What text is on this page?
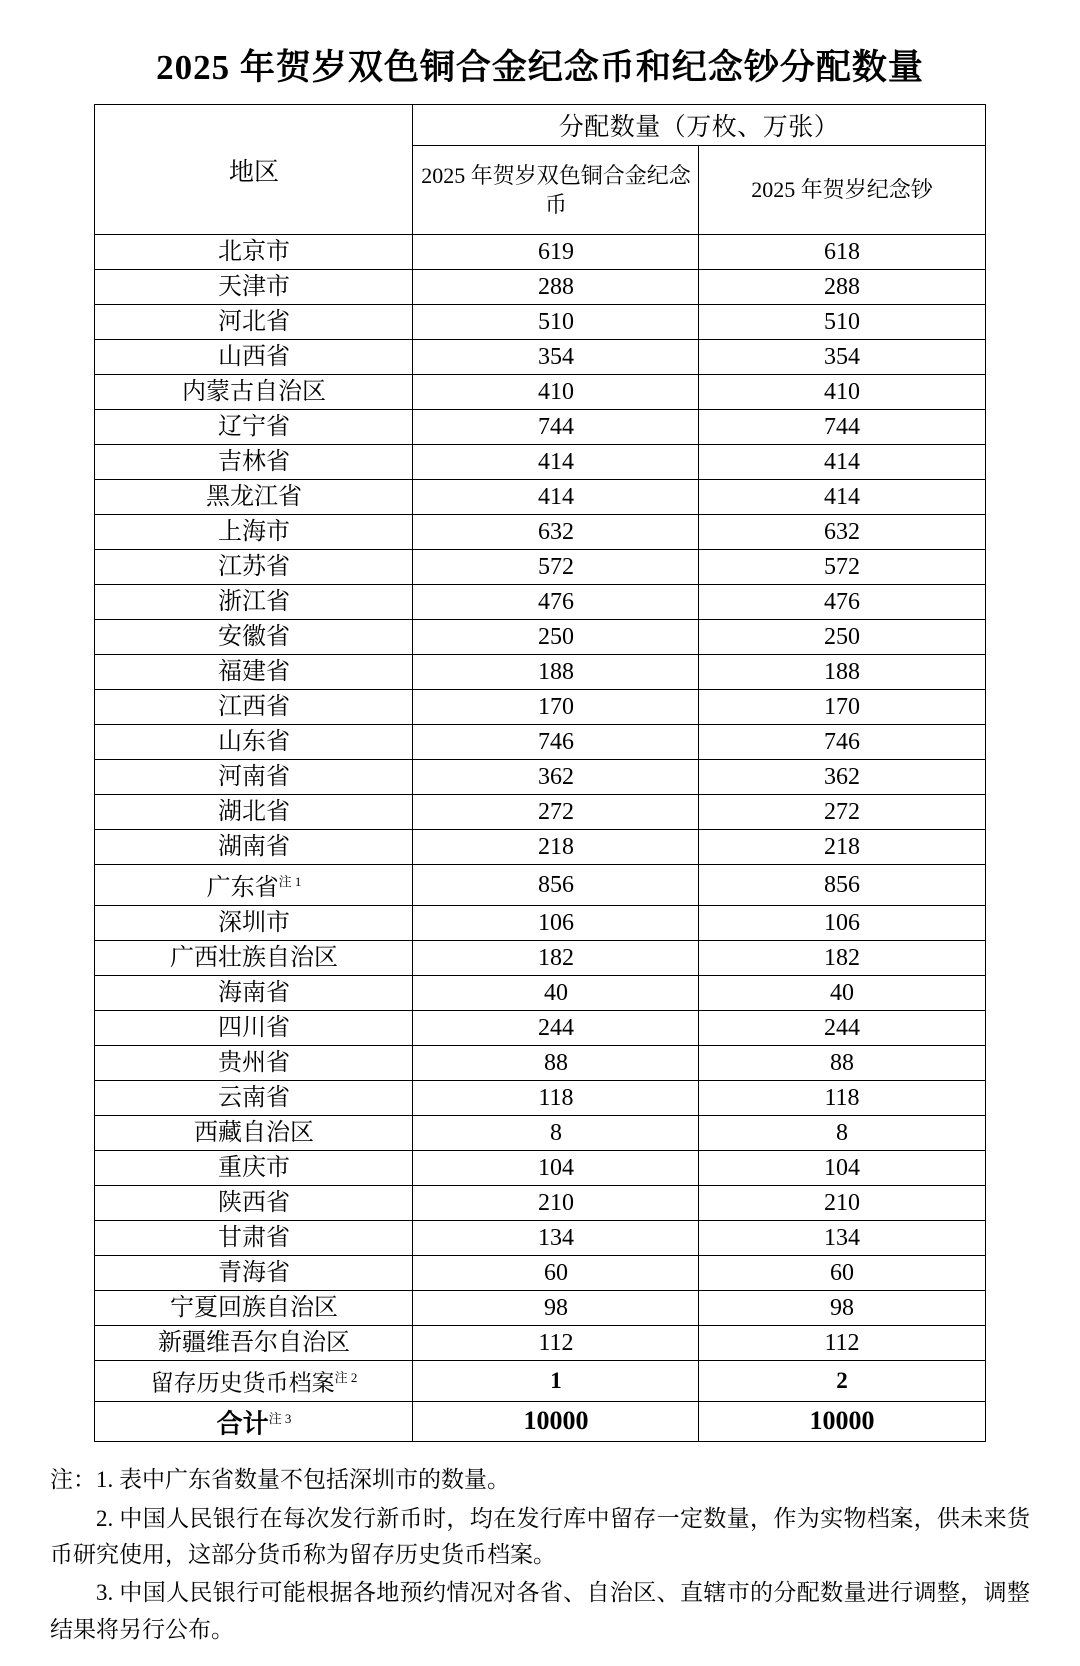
2025 年贺岁双色铜合金纪念币和纪念钞分配数量
地区	分配数量（万枚、万张）	
	2025 年贺岁双色铜合金纪念币	2025 年贺岁纪念钞
北京市	619	618
天津市	288	288
河北省	510	510
山西省	354	354
内蒙古自治区	410	410
辽宁省	744	744
吉林省	414	414
黑龙江省	414	414
上海市	632	632
江苏省	572	572
浙江省	476	476
安徽省	250	250
福建省	188	188
江西省	170	170
山东省	746	746
河南省	362	362
湖北省	272	272
湖南省	218	218
广东省$^{注 1}$	856	856
深圳市	106	106
广西壮族自治区	182	182
海南省	40	40
四川省	244	244
贵州省	88	88
云南省	118	118
西藏自治区	8	8
重庆市	104	104
陕西省	210	210
甘肃省	134	134
青海省	60	60
宁夏回族自治区	98	98
新疆维吾尔自治区	112	112
留存历史货币档案$^{注 2}$	1	2
合计$^{注 3}$	10000	10000
注：1. 表中广东省数量不包括深圳市的数量。
2. 中国人民银行在每次发行新币时，均在发行库中留存一定数量，作为实物档案，供未来货币研究使用，这部分货币称为留存历史货币档案。
3. 中国人民银行可能根据各地预约情况对各省、自治区、直辖市的分配数量进行调整，调整结果将另行公布。
